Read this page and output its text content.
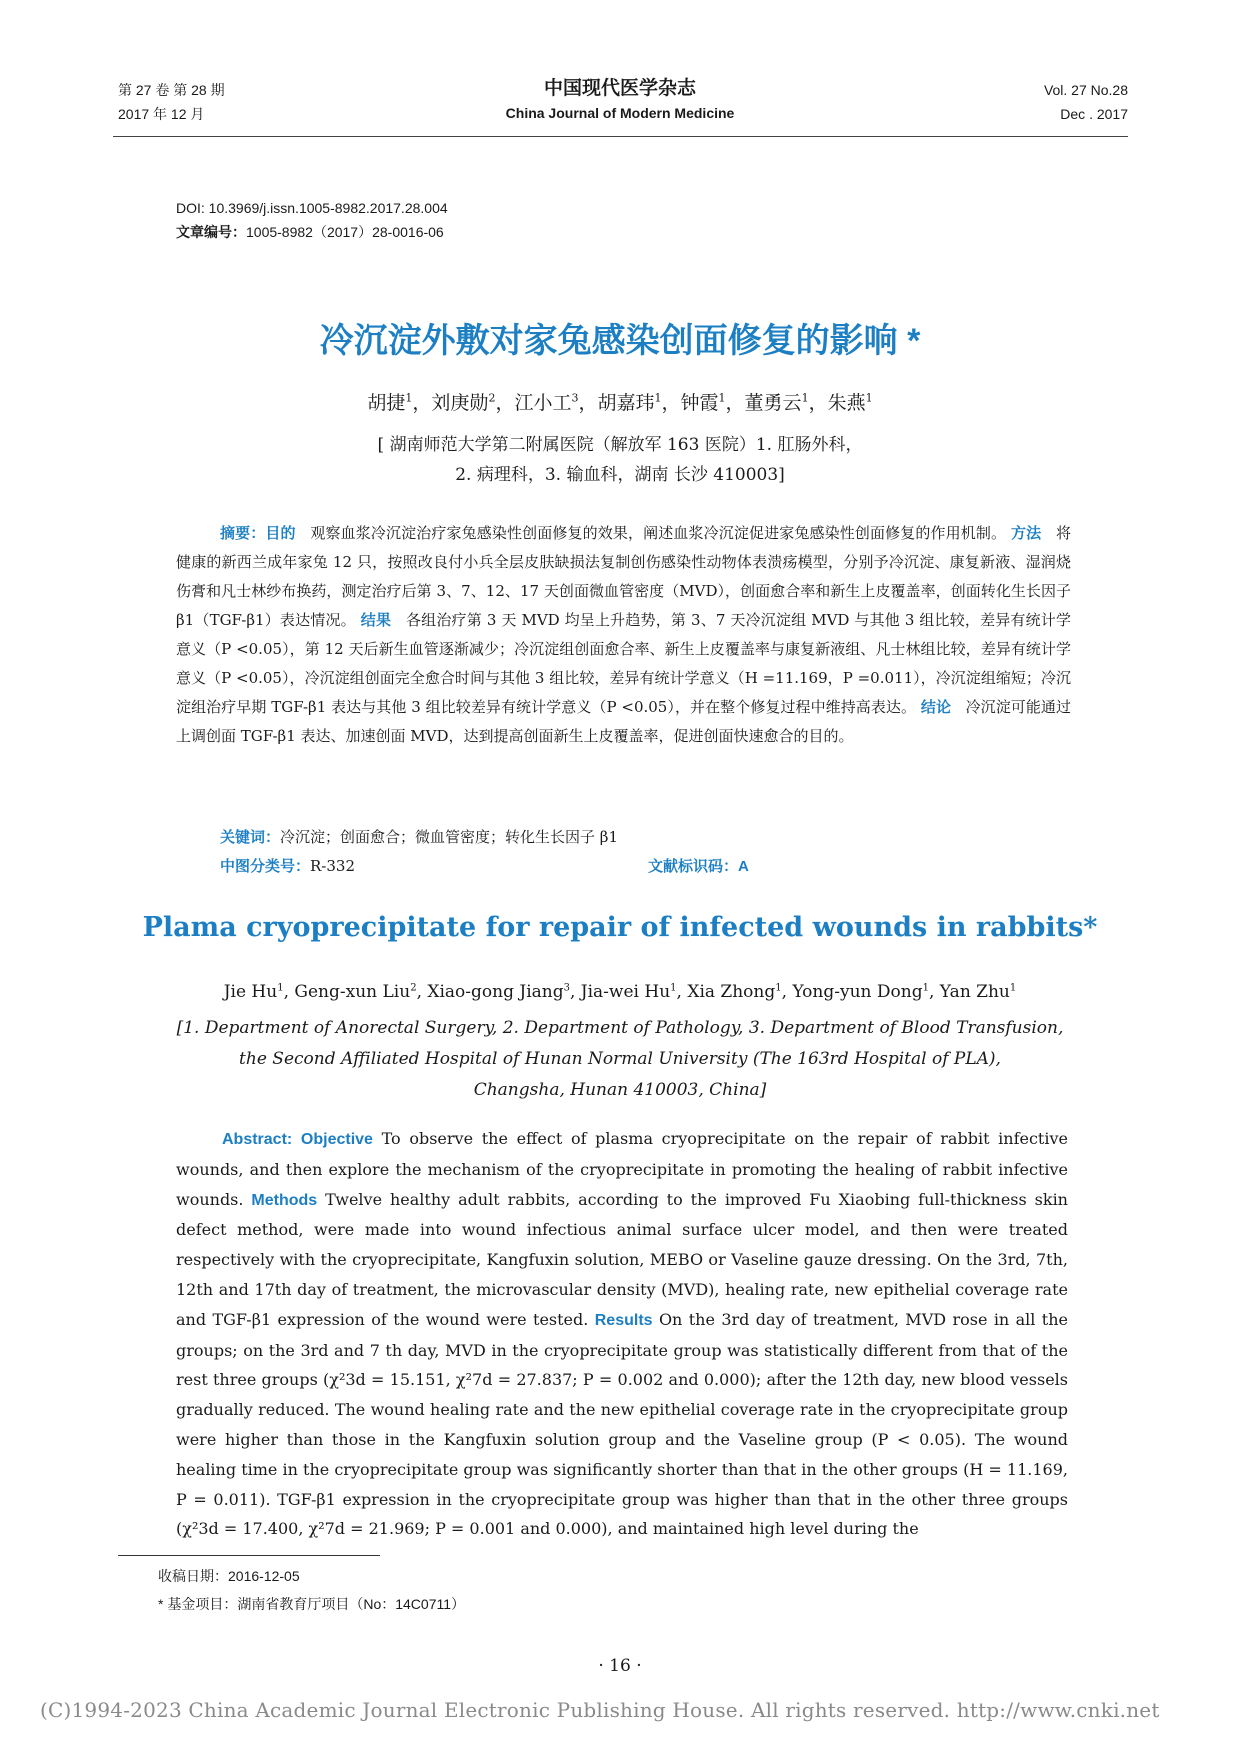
第 27 卷 第 28 期
2017 年 12 月
中国现代医学杂志
China Journal of Modern Medicine
Vol. 27 No.28
Dec . 2017
DOI: 10.3969/j.issn.1005-8982.2017.28.004
文章编号：1005-8982（2017）28-0016-06
冷沉淀外敷对家兔感染创面修复的影响 *
胡捷$^1$，刘庚勋$^2$，江小工$^3$，胡嘉玮$^1$，钟霞$^1$，董勇云$^1$，朱燕$^1$
[ 湖南师范大学第二附属医院（解放军 163 医院）1. 肛肠外科，
2. 病理科，3. 输血科，湖南 长沙 410003]
摘要：目的 观察血浆冷沉淀治疗家兔感染性创面修复的效果，阐述血浆冷沉淀促进家兔感染性创面修复的作用机制。 方法 将健康的新西兰成年家兔 12 只，按照改良付小兵全层皮肤缺损法复制创伤感染性动物体表溃疡模型，分别予冷沉淀、康复新液、湿润烧伤膏和凡士林纱布换药，测定治疗后第 3、7、12、17 天创面微血管密度（MVD），创面愈合率和新生上皮覆盖率，创面转化生长因子 β1（TGF-β1）表达情况。 结果 各组治疗第 3 天 MVD 均呈上升趋势，第 3、7 天冷沉淀组 MVD 与其他 3 组比较，差异有统计学意义（P <0.05），第 12 天后新生血管逐渐减少；冷沉淀组创面愈合率、新生上皮覆盖率与康复新液组、凡士林组比较，差异有统计学意义（P <0.05），冷沉淀组创面完全愈合时间与其他 3 组比较，差异有统计学意义（H =11.169，P =0.011），冷沉淀组缩短；冷沉淀组治疗早期 TGF-β1 表达与其他 3 组比较差异有统计学意义（P <0.05），并在整个修复过程中维持高表达。 结论 冷沉淀可能通过上调创面 TGF-β1 表达、加速创面 MVD，达到提高创面新生上皮覆盖率，促进创面快速愈合的目的。
关键词：冷沉淀；创面愈合；微血管密度；转化生长因子 β1
中图分类号：R-332	文献标识码：A
Plama cryoprecipitate for repair of infected wounds in rabbits*
Jie Hu$^1$, Geng-xun Liu$^2$, Xiao-gong Jiang$^3$, Jia-wei Hu$^1$, Xia Zhong$^1$, Yong-yun Dong$^1$, Yan Zhu$^1$
[1. Department of Anorectal Surgery, 2. Department of Pathology, 3. Department of Blood Transfusion,
the Second Affiliated Hospital of Hunan Normal University (The 163rd Hospital of PLA),
Changsha, Hunan 410003, China]
Abstract: Objective To observe the effect of plasma cryoprecipitate on the repair of rabbit infective wounds, and then explore the mechanism of the cryoprecipitate in promoting the healing of rabbit infective wounds. Methods Twelve healthy adult rabbits, according to the improved Fu Xiaobing full-thickness skin defect method, were made into wound infectious animal surface ulcer model, and then were treated respectively with the cryoprecipitate, Kangfuxin solution, MEBO or Vaseline gauze dressing. On the 3rd, 7th, 12th and 17th day of treatment, the microvascular density (MVD), healing rate, new epithelial coverage rate and TGF-β1 expression of the wound were tested. Results On the 3rd day of treatment, MVD rose in all the groups; on the 3rd and 7 th day, MVD in the cryoprecipitate group was statistically different from that of the rest three groups (χ²3d = 15.151, χ²7d = 27.837; P = 0.002 and 0.000); after the 12th day, new blood vessels gradually reduced. The wound healing rate and the new epithelial coverage rate in the cryoprecipitate group were higher than those in the Kangfuxin solution group and the Vaseline group (P < 0.05). The wound healing time in the cryoprecipitate group was significantly shorter than that in the other groups (H = 11.169, P = 0.011). TGF-β1 expression in the cryoprecipitate group was higher than that in the other three groups (χ²3d = 17.400, χ²7d = 21.969; P = 0.001 and 0.000), and maintained high level during the
收稿日期：2016-12-05
* 基金项目：湖南省教育厅项目（No：14C0711）
· 16 ·
(C)1994-2023 China Academic Journal Electronic Publishing House. All rights reserved. http://www.cnki.net
